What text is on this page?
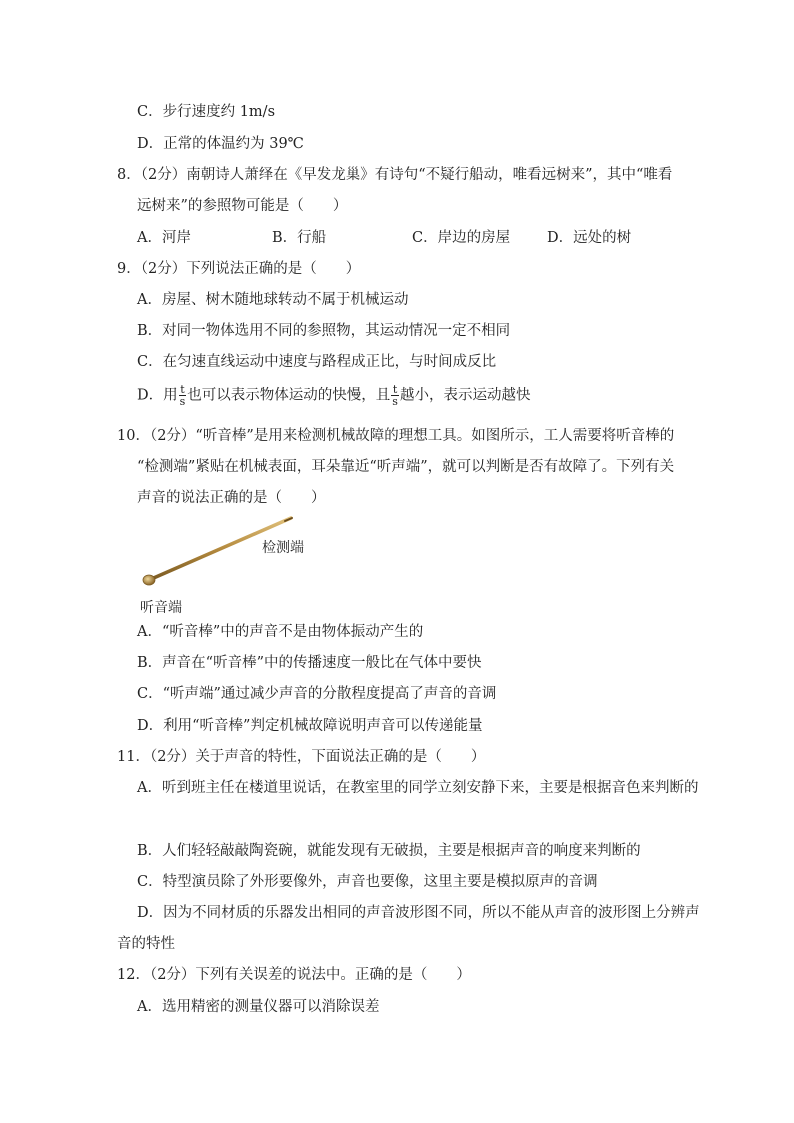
C．步行速度约 1m/s
D．正常的体温约为 39℃
8．（2分）南朝诗人萧绎在《早发龙巢》有诗句“不疑行船动，唯看远树来”，其中“唯看
远树来”的参照物可能是（　　）
A．河岸	B．行船	C．岸边的房屋	D．远处的树
9．（2分）下列说法正确的是（　　）
A．房屋、树木随地球转动不属于机械运动
B．对同一物体选用不同的参照物，其运动情况一定不相同
C．在匀速直线运动中速度与路程成正比，与时间成反比
D．用 $\frac{t}{s}$ 也可以表示物体运动的快慢，且 $\frac{t}{s}$ 越小，表示运动越快
10．（2分）“听音棒”是用来检测机械故障的理想工具。如图所示，工人需要将听音棒的
“检测端”紧贴在机械表面，耳朵靠近“听声端”，就可以判断是否有故障了。下列有关
声音的说法正确的是（　　）
检测端
听音端
A．“听音棒”中的声音不是由物体振动产生的
B．声音在“听音棒”中的传播速度一般比在气体中要快
C．“听声端”通过减少声音的分散程度提高了声音的音调
D．利用“听音棒”判定机械故障说明声音可以传递能量
11．（2分）关于声音的特性，下面说法正确的是（　　）
A．听到班主任在楼道里说话，在教室里的同学立刻安静下来，主要是根据音色来判断的
B．人们轻轻敲敲陶瓷碗，就能发现有无破损，主要是根据声音的响度来判断的
C．特型演员除了外形要像外，声音也要像，这里主要是模拟原声的音调
D．因为不同材质的乐器发出相同的声音波形图不同，所以不能从声音的波形图上分辨声
音的特性
12．（2分）下列有关误差的说法中。正确的是（　　）
A．选用精密的测量仪器可以消除误差
